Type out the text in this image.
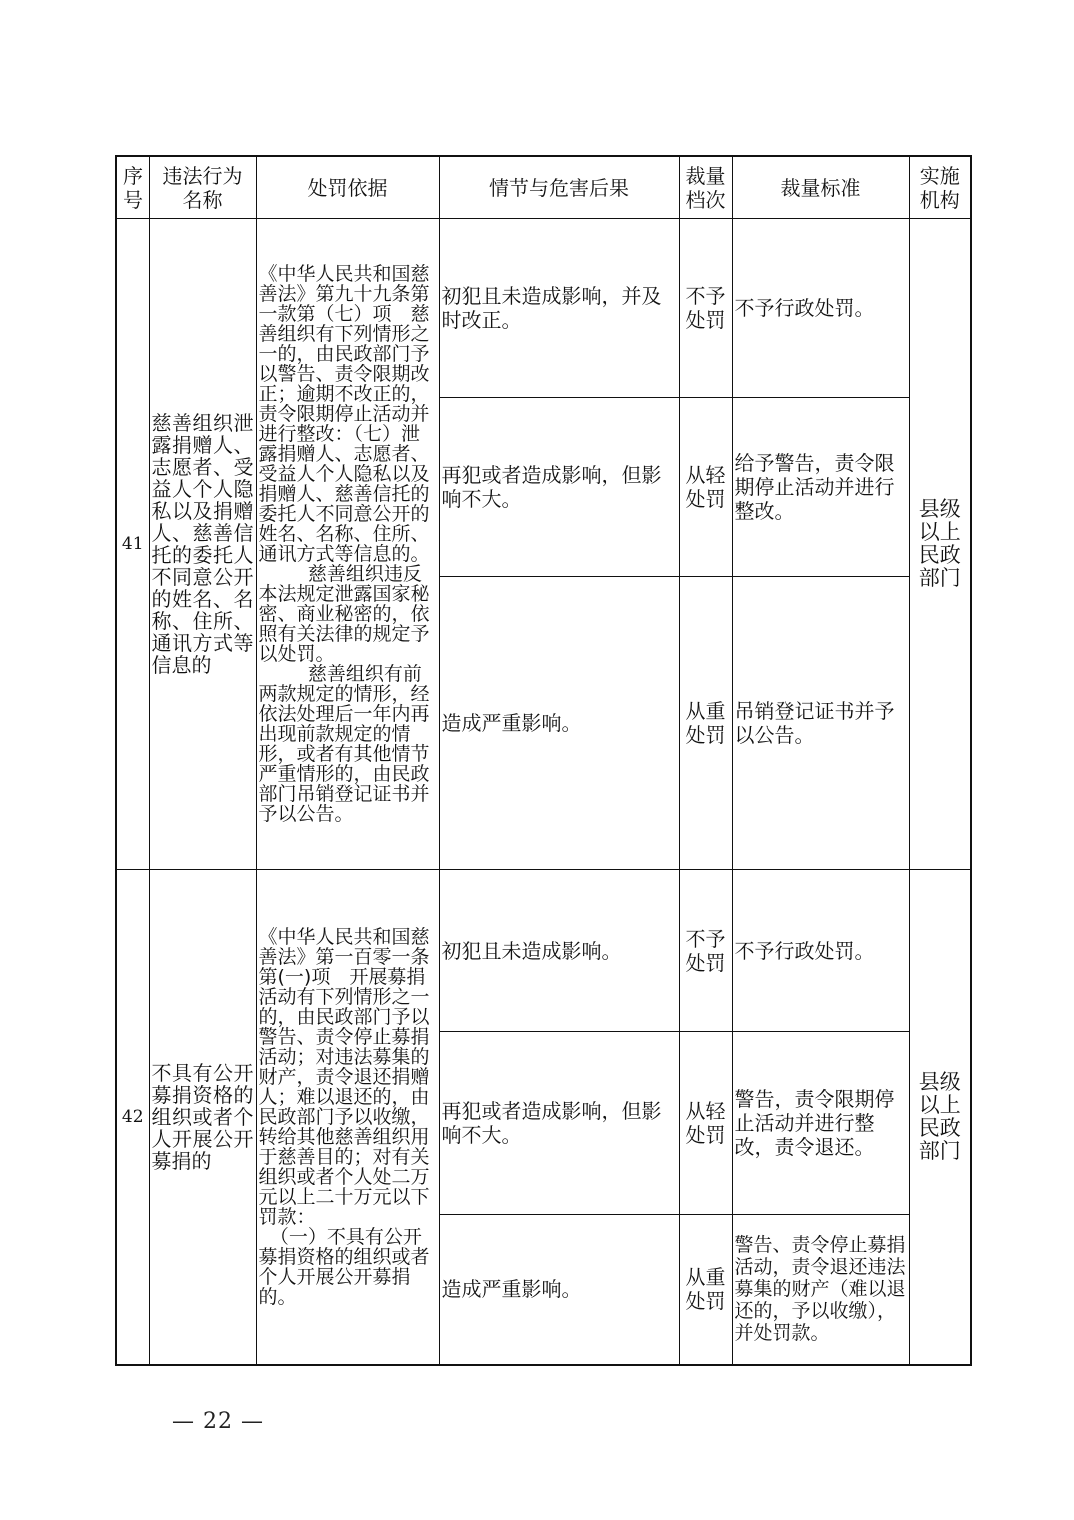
序号	违法行为名称	处罚依据	情节与危害后果	裁量档次	裁量标准	实施机构
41	慈善组织泄露捐赠人、志愿者、受益人个人隐私以及捐赠人、慈善信托的委托人不同意公开的姓名、名称、住所、通讯方式等信息的	《中华人民共和国慈善法》第九十九条第一款第（七）项　慈善组织有下列情形之一的，由民政部门予以警告、责令限期改正；逾期不改正的，责令限期停止活动并进行整改：（七）泄露捐赠人、志愿者、受益人个人隐私以及捐赠人、慈善信托的委托人不同意公开的姓名、名称、住所、通讯方式等信息的。

慈善组织违反本法规定泄露国家秘密、商业秘密的，依照有关法律的规定予以处罚。

慈善组织有前两款规定的情形，经依法处理后一年内再出现前款规定的情形，或者有其他情节严重情形的，由民政部门吊销登记证书并予以公告。	初犯且未造成影响，并及时改正。	不予处罚	不予行政处罚。	县级以上民政部门
			再犯或者造成影响，但影响不大。	从轻处罚	给予警告，责令限期停止活动并进行整改。	
			造成严重影响。	从重处罚	吊销登记证书并予以公告。	
42	不具有公开募捐资格的组织或者个人开展公开募捐的	《中华人民共和国慈善法》第一百零一条第(一)项　开展募捐活动有下列情形之一的，由民政部门予以警告、责令停止募捐活动；对违法募集的财产，责令退还捐赠人；难以退还的，由民政部门予以收缴，转给其他慈善组织用于慈善目的；对有关组织或者个人处二万元以上二十万元以下罚款：

（一）不具有公开募捐资格的组织或者个人开展公开募捐的。	初犯且未造成影响。	不予处罚	不予行政处罚。	县级以上民政部门
			再犯或者造成影响，但影响不大。	从轻处罚	警告，责令限期停止活动并进行整改，责令退还。	
			造成严重影响。	从重处罚	警告、责令停止募捐活动，责令退还违法募集的财产（难以退还的，予以收缴），并处罚款。	
— 22 —
